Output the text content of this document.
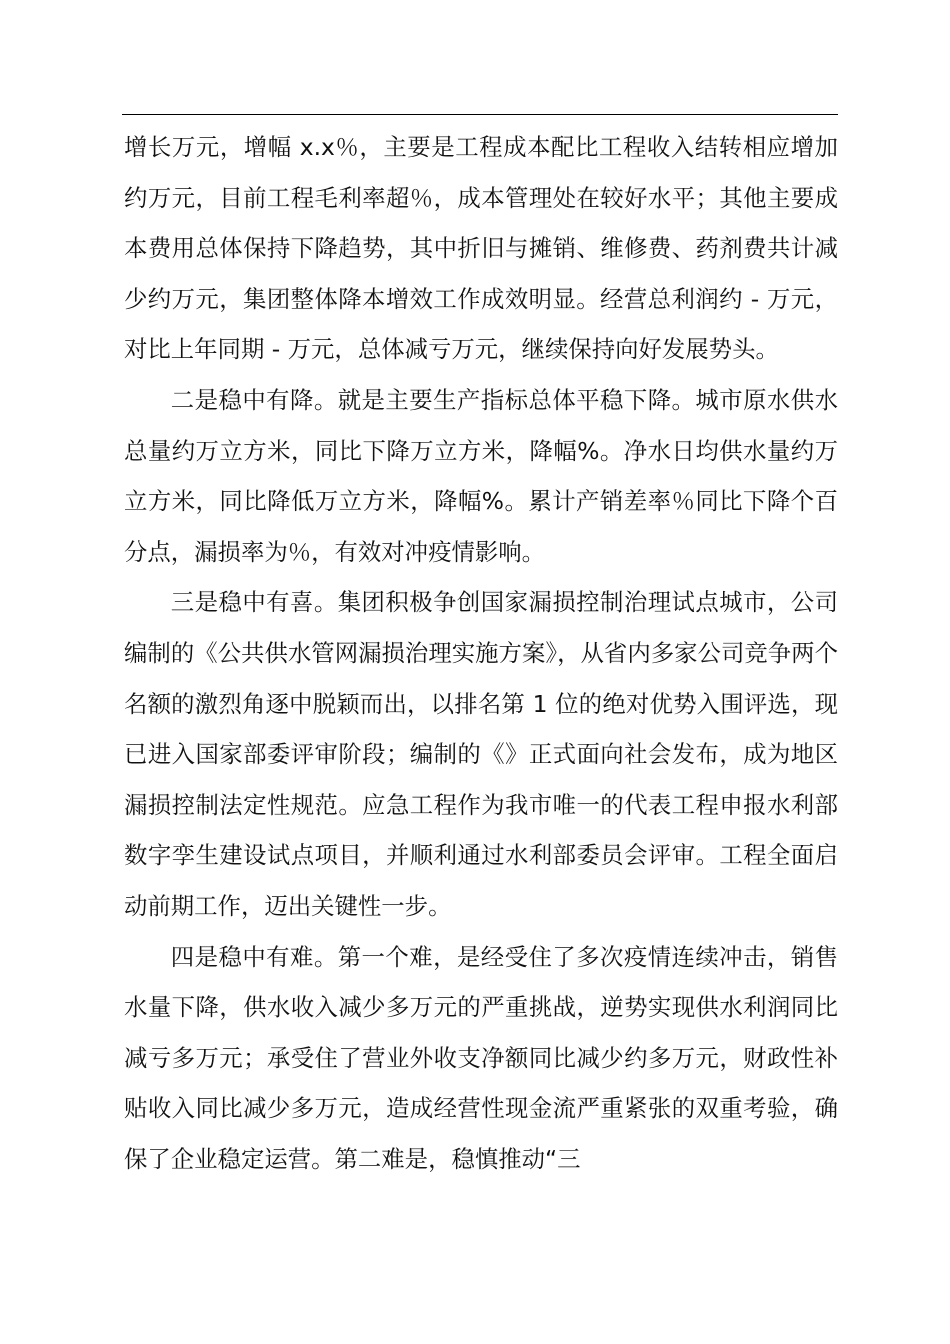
增长万元，增幅 x.x％，主要是工程成本配比工程收入结转相应增加约万元，目前工程毛利率超％，成本管理处在较好水平；其他主要成本费用总体保持下降趋势，其中折旧与摊销、维修费、药剂费共计减少约万元，集团整体降本增效工作成效明显。经营总利润约 - 万元，对比上年同期 - 万元，总体减亏万元，继续保持向好发展势头。

二是稳中有降。就是主要生产指标总体平稳下降。城市原水供水总量约万立方米，同比下降万立方米，降幅%。净水日均供水量约万立方米，同比降低万立方米，降幅%。累计产销差率％同比下降个百分点，漏损率为％，有效对冲疫情影响。

三是稳中有喜。集团积极争创国家漏损控制治理试点城市，公司编制的《公共供水管网漏损治理实施方案》，从省内多家公司竞争两个名额的激烈角逐中脱颖而出，以排名第 1 位的绝对优势入围评选，现已进入国家部委评审阶段；编制的《》正式面向社会发布，成为地区漏损控制法定性规范。应急工程作为我市唯一的代表工程申报水利部数字孪生建设试点项目，并顺利通过水利部委员会评审。工程全面启动前期工作，迈出关键性一步。

四是稳中有难。第一个难，是经受住了多次疫情连续冲击，销售水量下降，供水收入减少多万元的严重挑战，逆势实现供水利润同比减亏多万元；承受住了营业外收支净额同比减少约多万元，财政性补贴收入同比减少多万元，造成经营性现金流严重紧张的双重考验，确保了企业稳定运营。第二难是，稳慎推动“三
